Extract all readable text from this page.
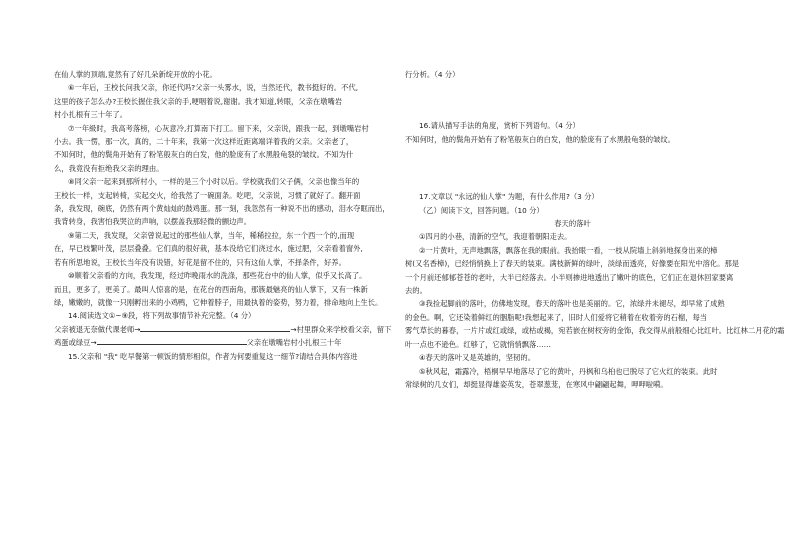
在仙人掌的顶端,竟然有了好几朵新绽开放的小花。

⑥一年后，王校长问我父亲，你还代吗?父亲一头雾水，说，当然还代，教书挺好的。不代,

这里的孩子怎么办?王校长握住我父亲的手,哽咽着说,谢谢。我才知道,转眼，父亲在墩嘴岩

村小扎根有三十年了。

⑦一年級时，我高考落榜，心灰意冷,打算南下打工。留下来，父亲说，跟我一起，到墩嘴岩村

小去。我一愣，那一次，真的，二十年来，我第一次这样近距离端详着我的父亲。父亲老了，

不知何时，他的鬓角开始有了粉笔般灰白的白发，他的脸庞有了水黑般龟裂的皱纹。不知为什

么，我竟没有拒绝我父亲的理由。

⑧同父亲一起来到那所村小，一样的是三个小时以后。学校就我们父子俩，父亲也像当年的

王校长一样，支起转椅，实起交火，给我然了一碗面条。吃吧，父亲说，习惯了就好了。翻开面

条，我发现，碗底，仍然有两个黄灿灿的鼓鸡蛋。那一刻，我忽然有一种说不出的感动，泪水夺眶而出，

我背转身，我害怕我哭泣的声响，以摆盖我那轻微的颤边声。

⑨第二天，我发现，父亲曾说起过的那些仙人掌，当年，稀稀拉拉，东一个西一个的,而现

在，早已枝繁叶茂，层层叠叠。它们真的很好栽，基本没给它们浇过水，施过肥，父亲看着窗外,

若有所思地说，王校长当年没有说错，好花是留不住的，只有这仙人掌，不择条件，好养。

⑩顺着父亲看的方向，我发现，经过昨晚雨水的洗涤，那些花台中的仙人掌，似乎又长高了。

而且，更多了，更美了。最叫人惊喜的是，在花台的西南角，那簇最魅亮的仙人掌下，又有一株新

绿，嫩嫩的，就像一只刚孵出来的小鸡鸭，它伸着脖子，用最执着的姿势，努力着，排命地向上生长。

14.阅读选文①~⑨段，将下列故事情节补充完整。（4 分）

父亲被退无奈做代课老师→	→村里群众来学校看父亲，留下

鸡蛋或绿豆→	父亲在墩嘴岩村小扎根三十年

15.父亲和 "我" 吃早餐第一顿饭的情形相似，作者为何要重复这一细节?请结合具体内容进

行分析。（4 分）

16.请从描写手法的角度，赏析下列语句。（4 分）

不知何时，他的鬓角开始有了粉笔般灰白的白发，他的脸庞有了水黑般龟裂的皱纹。

17.文章以 "永远的仙人掌" 为题，有什么作用?（3 分）

（乙）阅读下文，回答问题。（10 分）

春天的落叶

①四月的小巷，清新的空气，我迎着朝阳走去。

②一片黄叶，无声地飘落，飘落在我的眼前。我抬眼一看，一枝从院墙上斜斜地探身出来的樟

树(又名香樟)，已经悄悄换上了春天的装束。满枝新鲜的绿叶，淡绿而透亮，好像要在阳光中溶化。那是

一个月前还郁郁苍苍的老叶，大半已经落去。小半则掺进地透出了嫩叶的底色，它们正在退休回家要离

去的。

③我捡起脚前的落叶，仿佛地发现，春天的落叶也是美丽的。它，浓绿并未褪尽，却早常了成熟

的金色。啊，它还染着鲜红的胭脂呢!我想起来了，旧时人们爱将它稍着在收着旁的石榴，每当

雾气草长的暮春，一片片或红或绿，或枯或褐，宛若嵌在树杈旁的金饰，我交得从前般细心比红叶。比红林二月花的霜

叶一点也不逊色。红够了，它就悄悄飘落……

④春天的落叶又是英雄的，坚韧的。

⑤秋风起，霜露冷，梧桐早早地落尽了它的黄叶，丹枫和乌桕也已脱尽了它火红的装束。此时

常绿树的几女们，却挺显得雄姿英发，苍翠葱茏，在寒风中翩翩起舞，呷呷啦嗬。
